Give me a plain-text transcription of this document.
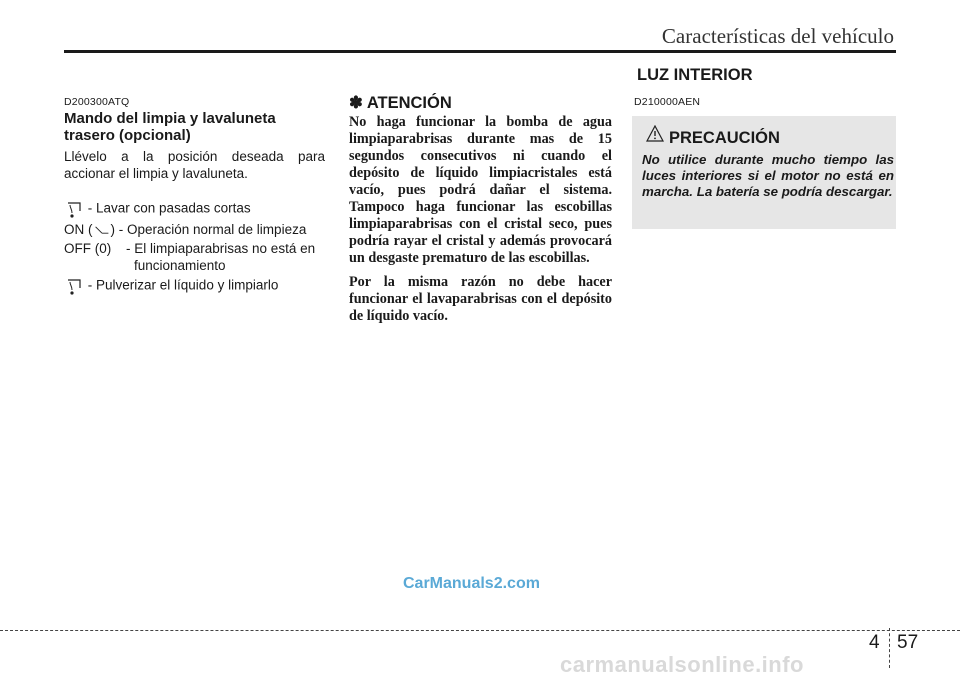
Características del vehículo
D200300ATQ
Mando del limpia y lavaluneta trasero (opcional)
Llévelo a la posición deseada para accionar el limpia y lavaluneta.
- Lavar con pasadas cortas
ON ( ) - Operación normal de limpieza
OFF (0) - El limpiaparabrisas no está en funcionamiento
- Pulverizar el líquido y limpiarlo
✽ ATENCIÓN
No haga funcionar la bomba de agua limpiaparabrisas durante mas de 15 segundos consecutivos ni cuando el depósito de líquido limpiacristales está vacío, pues podrá dañar el sistema. Tampoco haga funcionar las escobillas limpiaparabrisas con el cristal seco, pues podría rayar el cristal y además provocará un desgaste prematuro de las escobillas.
Por la misma razón no debe hacer funcionar el lavaparabrisas con el depósito de líquido vacío.
LUZ INTERIOR
D210000AEN
PRECAUCIÓN
No utilice durante mucho tiempo las luces interiores si el motor no está en marcha. La batería se podría descargar.
CarManuals2.com
4 57
carmanualsonline.info
